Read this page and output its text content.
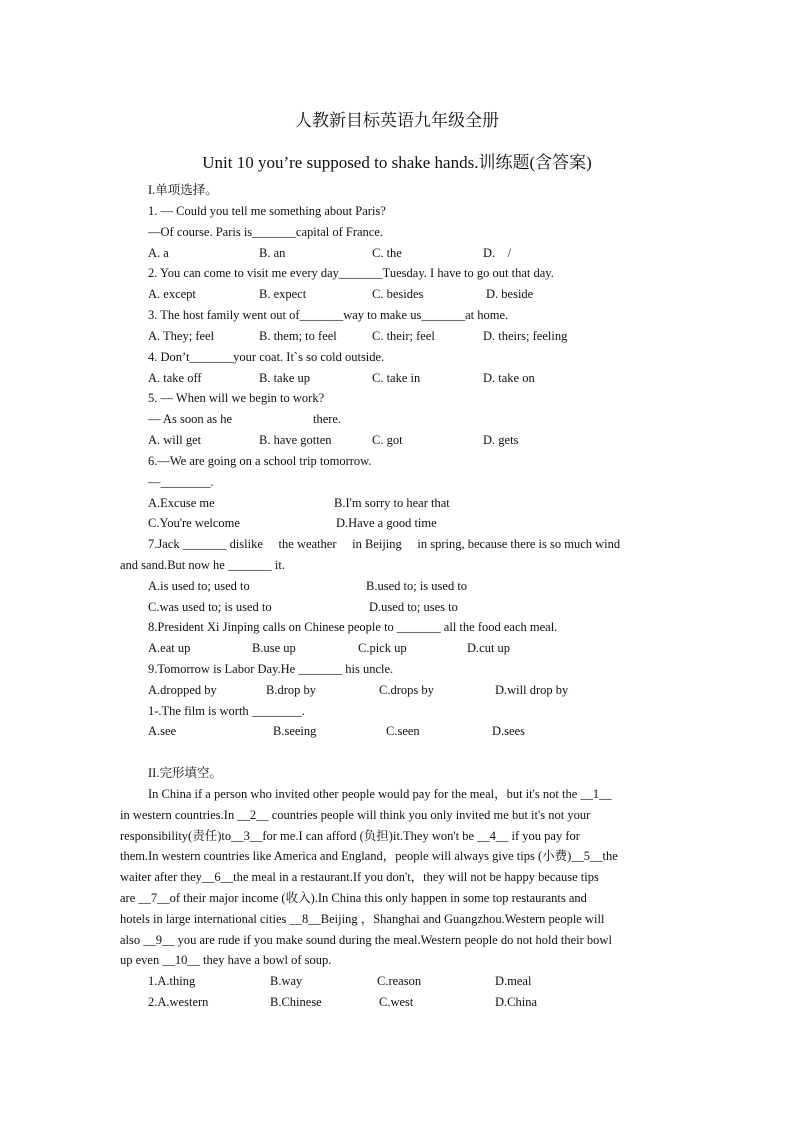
人教新目标英语九年级全册
Unit 10 you’re supposed to shake hands.训练题(含答案)
I.单项选择。
1. — Could you tell me something about Paris?
—Of course. Paris is_______capital of France.
A. a	B. an	C. the	D.　/
2. You can come to visit me every day_______Tuesday. I have to go out that day.
A. except	B. expect	C. besides	D. beside
3. The host family went out of_______way to make us_______at home.
A. They; feel	B. them; to feel	C. their; feel	D. theirs; feeling
4. Don’t_______your coat. It`s so cold outside.
A. take off	B. take up	C. take in	D. take on
5. — When will we begin to work?
— As soon as he	there.
A. will get	B. have gotten	C. got	D. gets
6.—We are going on a school trip tomorrow.
—________.
A.Excuse me	B.I'm sorry to hear that
C.You're welcome	D.Have a good time
7.Jack _______ dislike　 the weather　 in Beijing　 in spring, because there is so much wind
and sand.But now he _______ it.
A.is used to; used to	B.used to; is used to
C.was used to; is used to	D.used to; uses to
8.President Xi Jinping calls on Chinese people to _______ all the food each meal.
A.eat up	B.use up	C.pick up	D.cut up
9.Tomorrow is Labor Day.He _______ his uncle.
A.dropped by	B.drop by	C.drops by	D.will drop by
1-.The film is worth ________.
A.see	B.seeing	C.seen	D.sees
II.完形填空。
In China if a person who invited other people would pay for the meal，but it's not the __1__
in western countries.In __2__ countries people will think you only invited me but it's not your
responsibility(责任)to__3__for me.I can afford (负担)it.They won't be __4__ if you pay for
them.In western countries like America and England，people will always give tips (小费)__5__the
waiter after they__6__the meal in a restaurant.If you don't，they will not be happy because tips
are __7__of their major income (收入).In China this only happen in some top restaurants and
hotels in large international cities __8__Beijing ，Shanghai and Guangzhou.Western people will
also __9__ you are rude if you make sound during the meal.Western people do not hold their bowl
up even __10__ they have a bowl of soup.
1.A.thing	B.way	C.reason	D.meal
2.A.western	B.Chinese	C.west	D.China
